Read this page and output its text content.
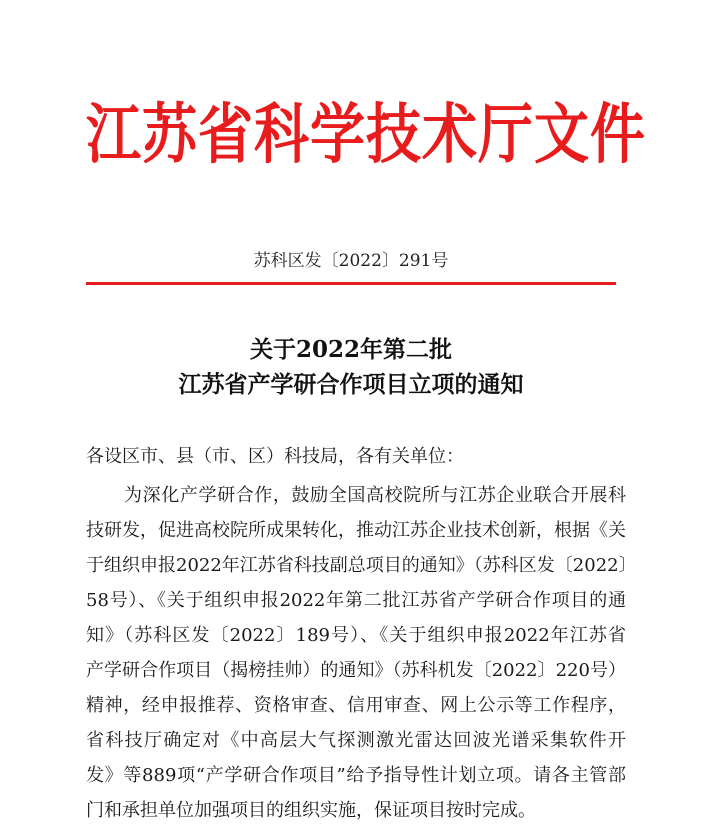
江苏省科学技术厅文件
苏科区发〔2022〕291号
关于2022年第二批
江苏省产学研合作项目立项的通知
各设区市、县（市、区）科技局，各有关单位：
为深化产学研合作，鼓励全国高校院所与江苏企业联合开展科
技研发，促进高校院所成果转化，推动江苏企业技术创新，根据《关
于组织申报2022年江苏省科技副总项目的通知》（苏科区发〔2022〕
58号）、《关于组织申报2022年第二批江苏省产学研合作项目的通
知》（苏科区发〔2022〕189号）、《关于组织申报2022年江苏省
产学研合作项目（揭榜挂帅）的通知》（苏科机发〔2022〕220号）
精神，经申报推荐、资格审查、信用审查、网上公示等工作程序，
省科技厅确定对《中高层大气探测激光雷达回波光谱采集软件开
发》等889项“产学研合作项目”给予指导性计划立项。请各主管部
门和承担单位加强项目的组织实施，保证项目按时完成。
